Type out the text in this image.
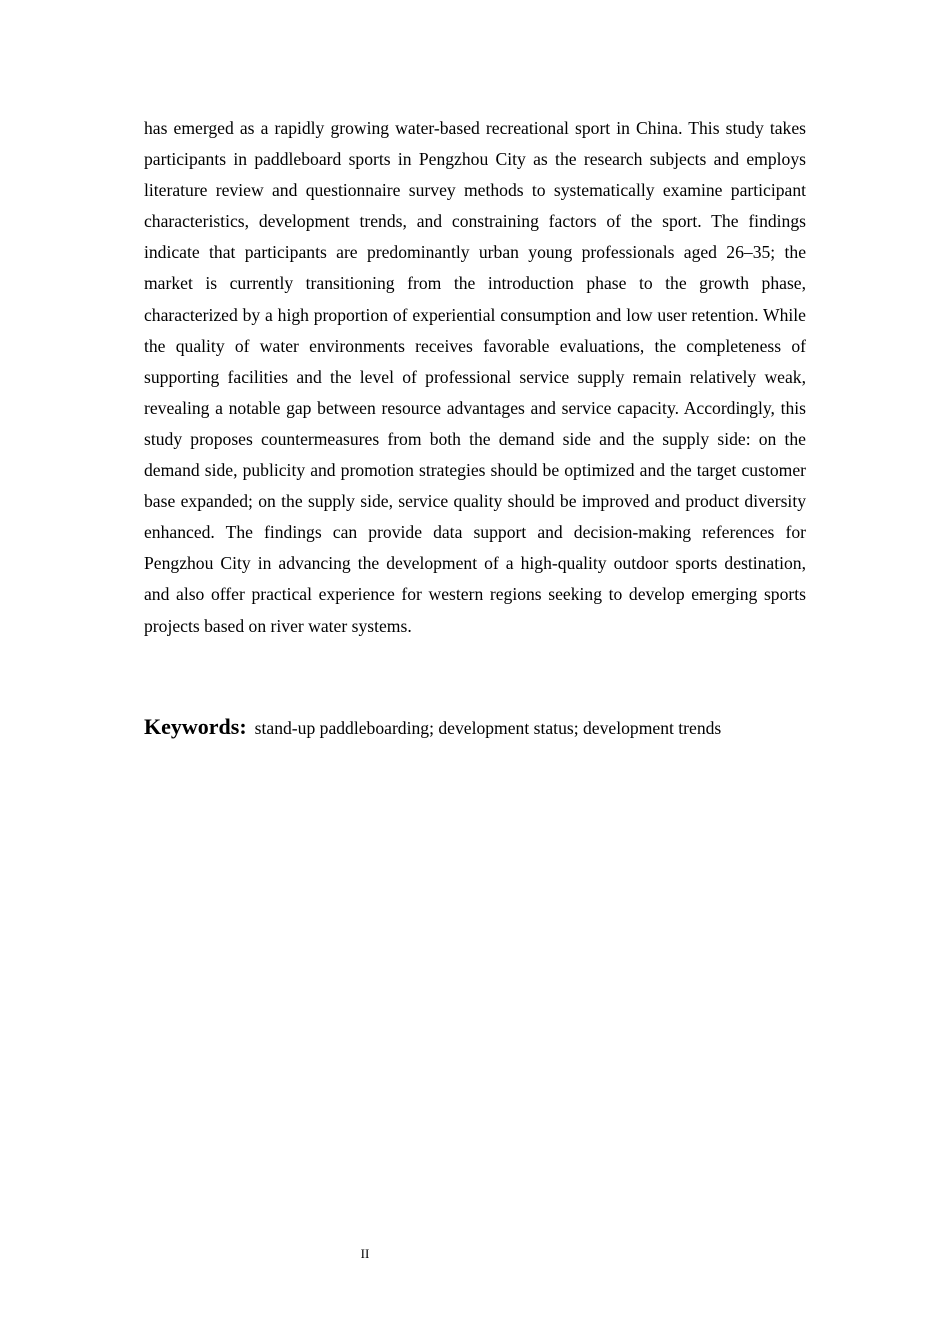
has emerged as a rapidly growing water-based recreational sport in China. This study takes participants in paddleboard sports in Pengzhou City as the research subjects and employs literature review and questionnaire survey methods to systematically examine participant characteristics, development trends, and constraining factors of the sport. The findings indicate that participants are predominantly urban young professionals aged 26–35; the market is currently transitioning from the introduction phase to the growth phase, characterized by a high proportion of experiential consumption and low user retention. While the quality of water environments receives favorable evaluations, the completeness of supporting facilities and the level of professional service supply remain relatively weak, revealing a notable gap between resource advantages and service capacity. Accordingly, this study proposes countermeasures from both the demand side and the supply side: on the demand side, publicity and promotion strategies should be optimized and the target customer base expanded; on the supply side, service quality should be improved and product diversity enhanced. The findings can provide data support and decision-making references for Pengzhou City in advancing the development of a high-quality outdoor sports destination, and also offer practical experience for western regions seeking to develop emerging sports projects based on river water systems.

Keywords: stand-up paddleboarding; development status; development trends

II
